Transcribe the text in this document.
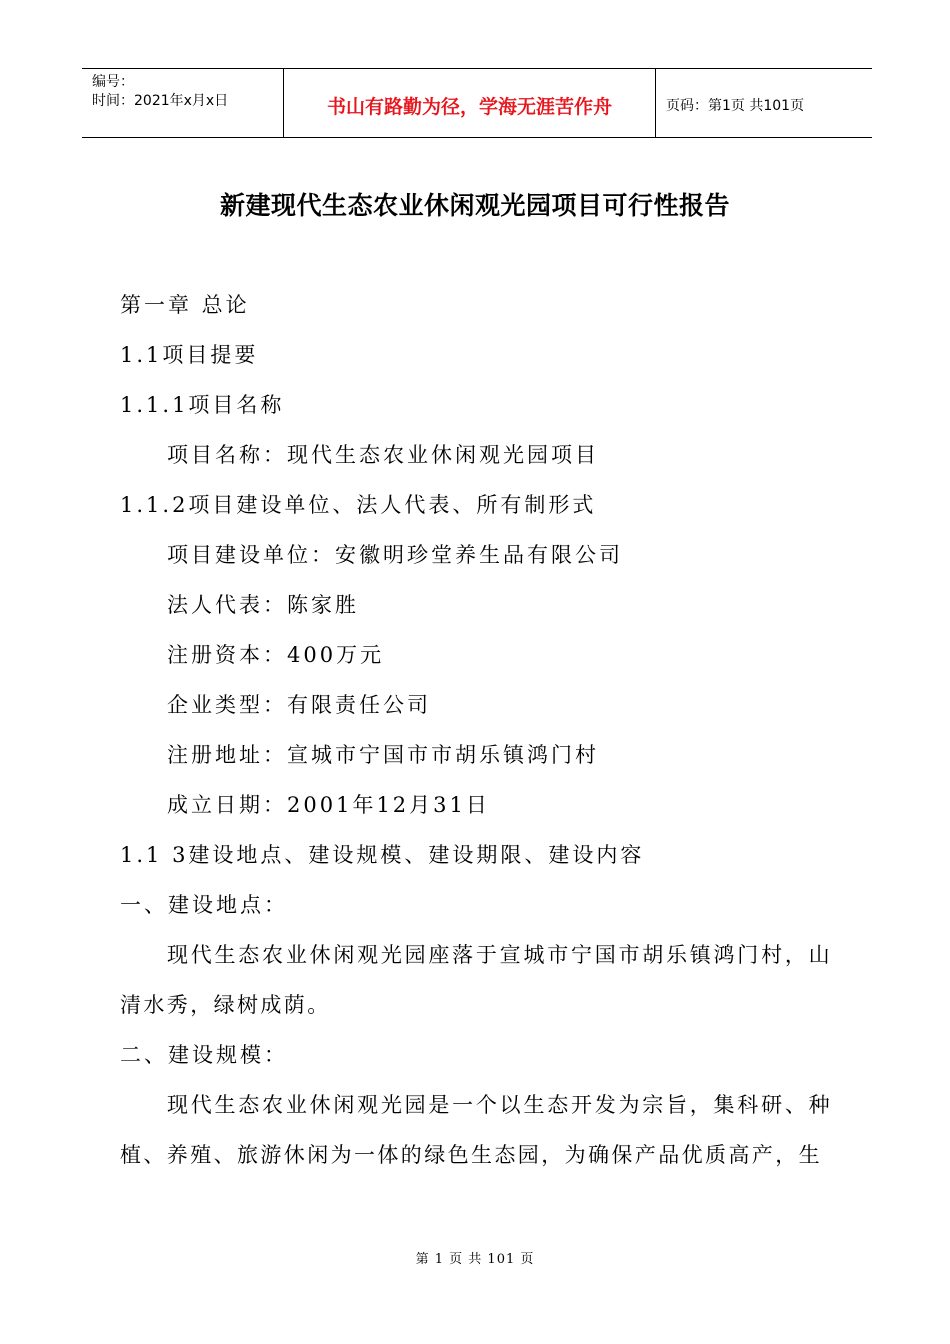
编号：
时间：2021年x月x日	书山有路勤为径，学海无涯苦作舟	页码：第1页 共101页
新建现代生态农业休闲观光园项目可行性报告
第一章 总论
1.1项目提要
1.1.1项目名称
项目名称：现代生态农业休闲观光园项目
1.1.2项目建设单位、法人代表、所有制形式
项目建设单位：安徽明珍堂养生品有限公司
法人代表：陈家胜
注册资本：400万元
企业类型：有限责任公司
注册地址：宣城市宁国市市胡乐镇鸿门村
成立日期：2001年12月31日
1.1 3建设地点、建设规模、建设期限、建设内容
一、建设地点：
现代生态农业休闲观光园座落于宣城市宁国市胡乐镇鸿门村，山清水秀，绿树成荫。
二、建设规模：
现代生态农业休闲观光园是一个以生态开发为宗旨，集科研、种植、养殖、旅游休闲为一体的绿色生态园，为确保产品优质高产，生
第 1 页 共 101 页
